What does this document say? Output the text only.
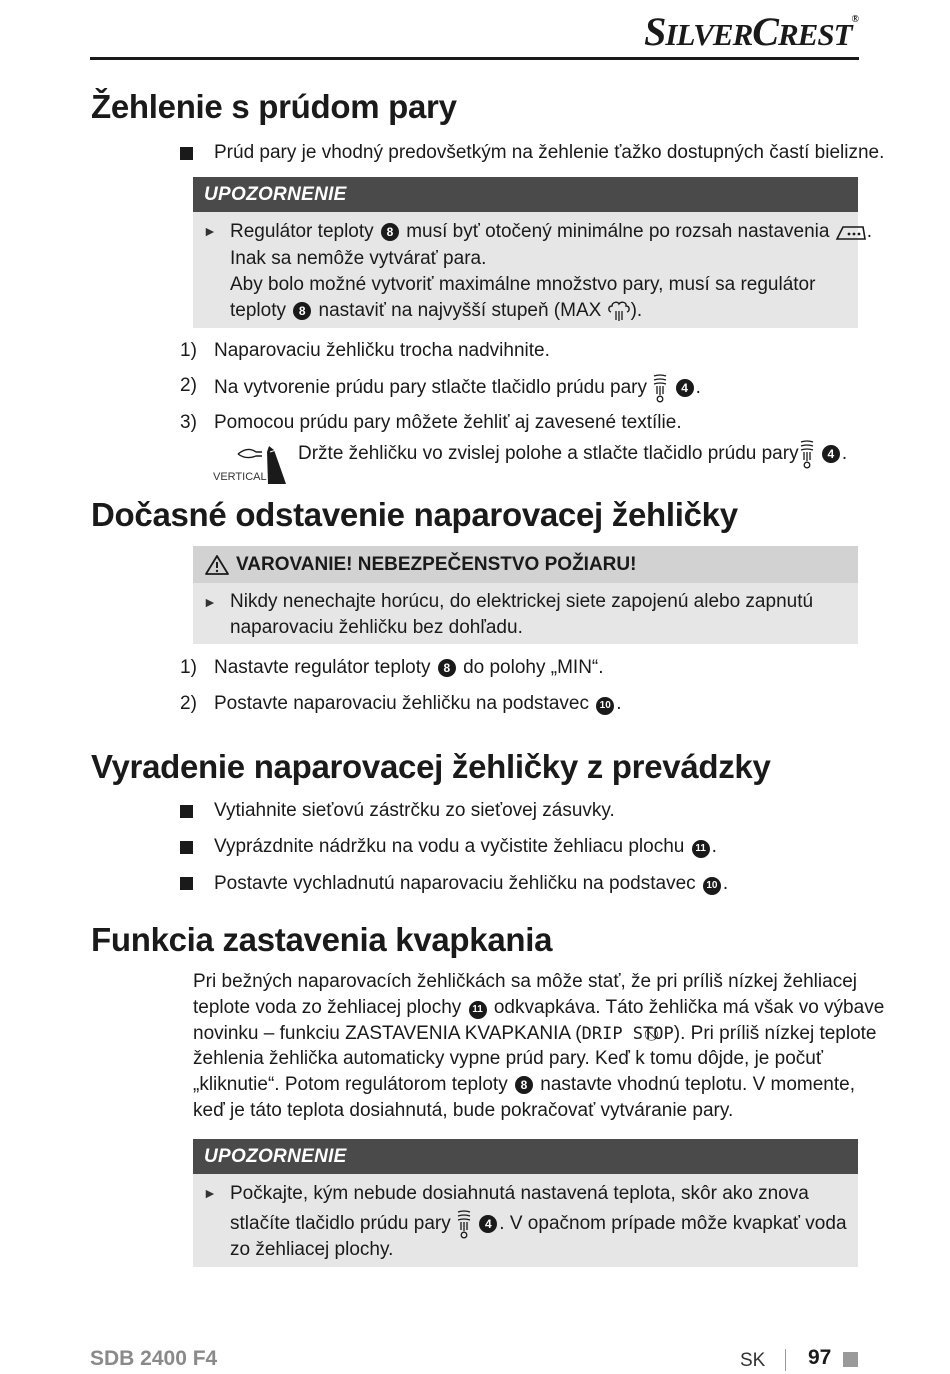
SILVERCREST®
Žehlenie s prúdom pary
Prúd pary je vhodný predovšetkým na žehlenie ťažko dostupných častí bielizne.
UPOZORNENIE
► Regulátor teploty 8 musí byť otočený minimálne po rozsah nastavenia .
Inak sa nemôže vytvárať para.
Aby bolo možné vytvoriť maximálne množstvo pary, musí sa regulátor
teploty 8 nastaviť na najvyšší stupeň (MAX ).
1) Naparovaciu žehličku trocha nadvihnite.
2) Na vytvorenie prúdu pary stlačte tlačidlo prúdu pary	4 .
3) Pomocou prúdu pary môžete žehliť aj zavesené textílie.
VERTICAL
Držte žehličku vo zvislej polohe a stlačte tlačidlo prúdu pary 4 .
Dočasné odstavenie naparovacej žehličky
VAROVANIE! NEBEZPEČENSTVO POŽIARU!
► Nikdy nenechajte horúcu, do elektrickej siete zapojenú alebo zapnutú
naparovaciu žehličku bez dohľadu.
1) Nastavte regulátor teploty 8 do polohy „MIN“.
2) Postavte naparovaciu žehličku na podstavec 10 .
Vyradenie naparovacej žehličky z prevádzky
Vytiahnite sieťovú zástrčku zo sieťovej zásuvky.
Vyprázdnite nádržku na vodu a vyčistite žehliacu plochu 11 .
Postavte vychladnutú naparovaciu žehličku na podstavec 10 .
Funkcia zastavenia kvapkania
Pri bežných naparovacích žehličkách sa môže stať, že pri príliš nízkej žehliacej
teplote voda zo žehliacej plochy 11 odkvapkáva. Táto žehlička má však vo výbave
novinku – funkciu ZASTAVENIA KVAPKANIA (DRIP STO
P). Pri príliš nízkej teplote
žehlenia žehlička automaticky vypne prúd pary. Keď k tomu dôjde, je počuť
„kliknutie“. Potom regulátorom teploty 8 nastavte vhodnú teplotu. V momente,
keď je táto teplota dosiahnutá, bude pokračovať vytváranie pary.
UPOZORNENIE
► Počkajte, kým nebude dosiahnutá nastavená teplota, skôr ako znova
stlačíte tlačidlo prúdu pary	4 . V opačnom prípade môže kvapkať voda
zo žehliacej plochy.
SDB 2400 F4	SK 97
